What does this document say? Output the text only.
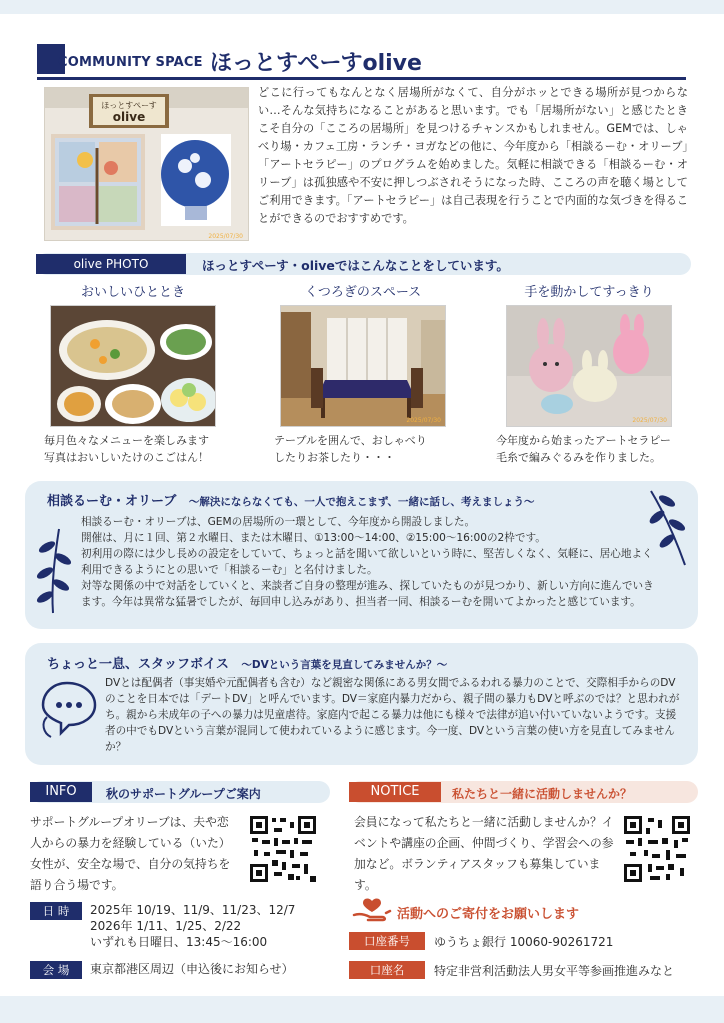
COMMUNITY SPACE ほっとすぺーすolive
ほっとすぺーす
olive
2025/07/30
どこに行ってもなんとなく居場所がなくて、自分がホッとできる場所が見つからない…そんな気持ちになることがあると思います。でも「居場所がない」と感じたときこそ自分の「こころの居場所」を見つけるチャンスかもしれません。GEMでは、しゃべり場・カフェ工房・ランチ・ヨガなどの他に、今年度から「相談るーむ・オリーブ」「アートセラピー」のプログラムを始めました。気軽に相談できる「相談るーむ・オリーブ」は孤独感や不安に押しつぶされそうになった時、こころの声を聴く場としてご利用できます。「アートセラピー」は自己表現を行うことで内面的な気づきを得ることができるのでおすすめです。
olive PHOTO	ほっとすぺーす・oliveではこんなことをしています。
おいしいひととき
毎月色々なメニューを楽しみます
写真はおいしいたけのこごはん！
くつろぎのスペース
2025/07/30
テーブルを囲んで、おしゃべり
したりお茶したり・・・
手を動かしてすっきり
2025/07/30
今年度から始まったアートセラピー
毛糸で編みぐるみを作りました。
相談るーむ・オリーブ ～解決にならなくても、一人で抱えこまず、一緒に話し、考えましょう～
相談るーむ・オリーブは、GEMの居場所の一環として、今年度から開設しました。
開催は、月に１回、第２水曜日、または木曜日、①13:00～14:00、②15:00～16:00の2枠です。
初利用の際には少し長めの設定をしていて、ちょっと話を聞いて欲しいという時に、堅苦しくなく、気軽に、居心地よく利用できるようにとの思いで「相談るーむ」と名付けました。
対等な関係の中で対話をしていくと、来談者ご自身の整理が進み、探していたものが見つかり、新しい方向に進んでいきます。今年は異常な猛暑でしたが、毎回申し込みがあり、担当者一同、相談るーむを開いてよかったと感じています。
ちょっと一息、スタッフボイス ～DVという言葉を見直してみませんか？～
DVとは配偶者（事実婚や元配偶者も含む）など親密な関係にある男女間でふるわれる暴力のことで、交際相手からのDVのことを日本では「デートDV」と呼んでいます。DV＝家庭内暴力だから、親子間の暴力もDVと呼ぶのでは？と思われがち。親から未成年の子への暴力は児童虐待。家庭内で起こる暴力は他にも様々で法律が追い付いていないようです。支援者の中でもDVという言葉が混同して使われているように感じます。今一度、DVという言葉の使い方を見直してみませんか？
INFO	秋のサポートグループご案内
サポートグループオリーブは、夫や恋人からの暴力を経験している（いた）女性が、安全な場で、自分の気持ちを語り合う場です。
日 時	2025年 10/19、11/9、11/23、12/7
2026年 1/11、1/25、2/22
いずれも日曜日、13:45～16:00
会 場	東京都港区周辺（申込後にお知らせ）
NOTICE	私たちと一緒に活動しませんか？
会員になって私たちと一緒に活動しませんか？イベントや講座の企画、仲間づくり、学習会への参加など。ボランティアスタッフも募集しています。
活動へのご寄付をお願いします
口座番号	ゆうちょ銀行 10060-90261721
口座名	特定非営利活動法人男女平等参画推進みなと
